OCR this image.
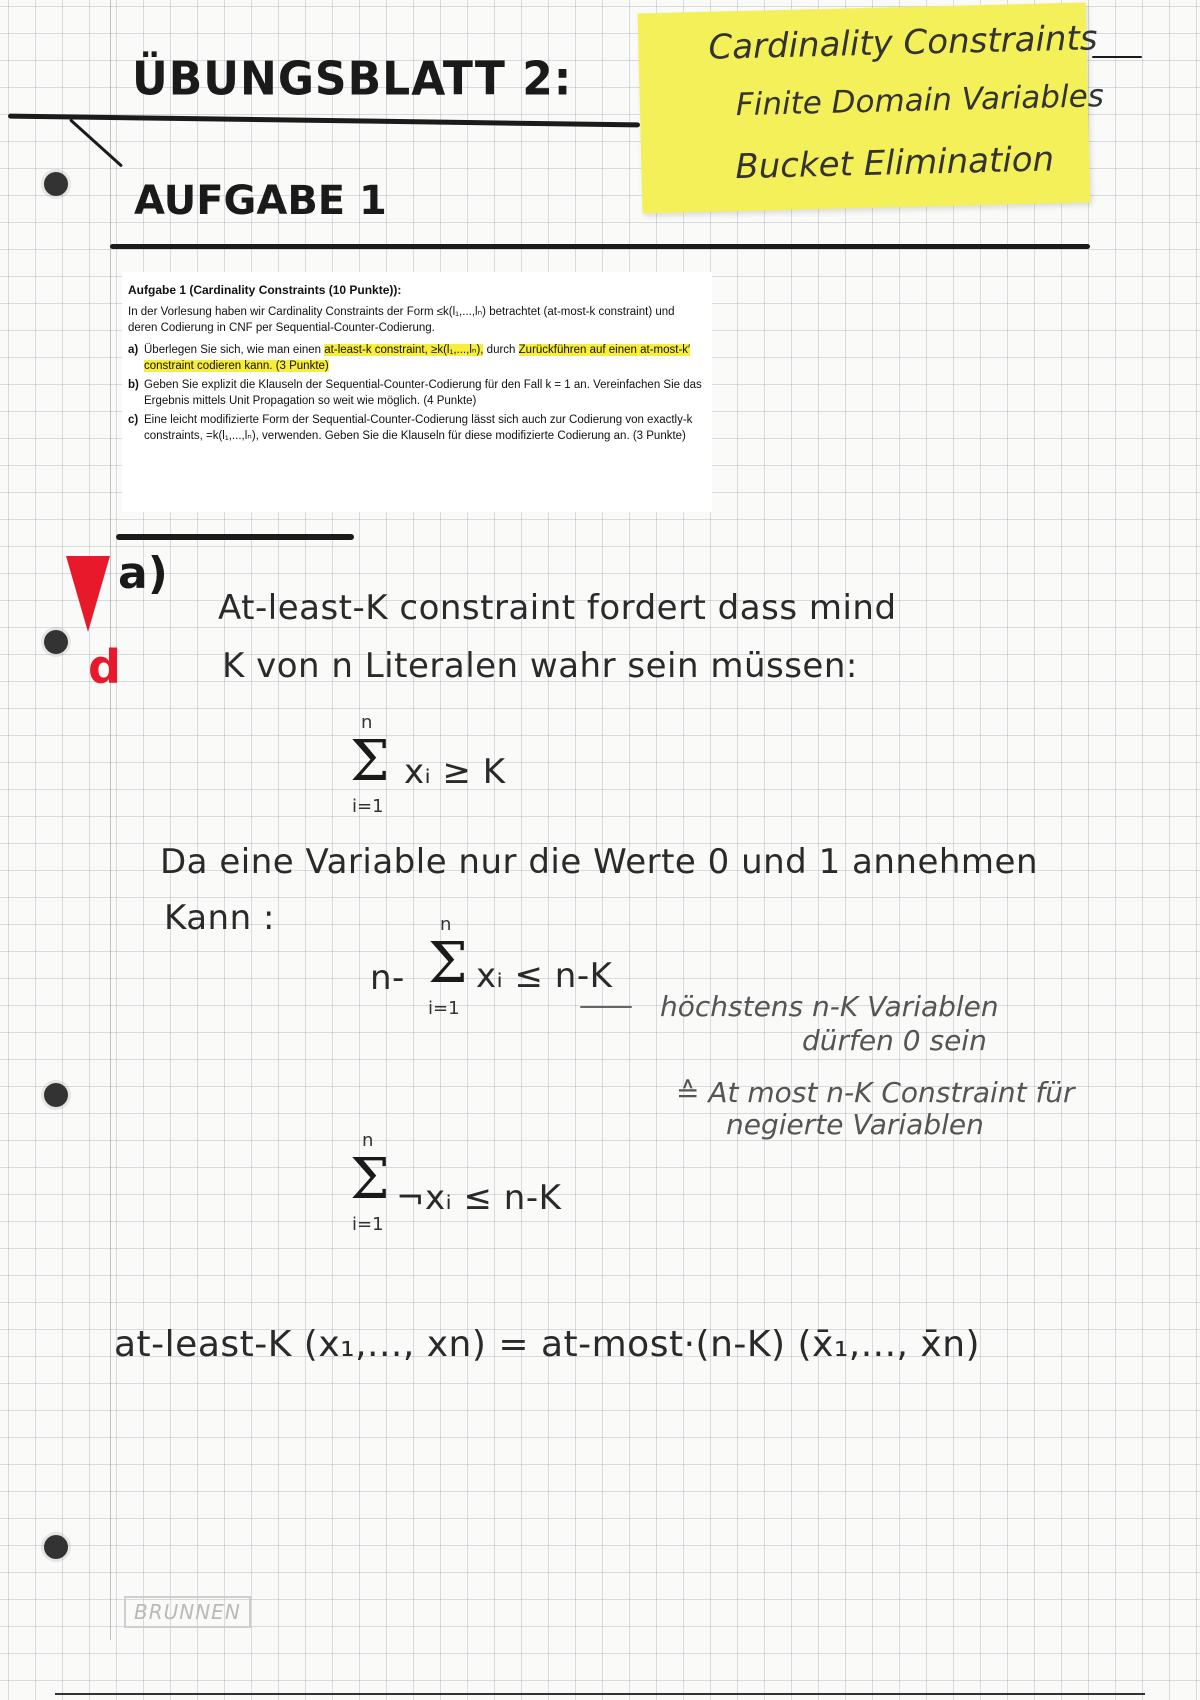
ÜBUNGSBLATT 2:
Cardinality Constraints
Finite Domain Variables
Bucket Elimination
AUFGABE 1
Aufgabe 1 (Cardinality Constraints (10 Punkte)):
In der Vorlesung haben wir Cardinality Constraints der Form ≤k(l₁,...,lₙ) betrachtet (at-most-k constraint) und deren Codierung in CNF per Sequential-Counter-Codierung.
a) Überlegen Sie sich, wie man einen at-least-k constraint, ≥k(l₁,...,lₙ), durch Zurückführen auf einen at-most-k′ constraint codieren kann. (3 Punkte)
b) Geben Sie explizit die Klauseln der Sequential-Counter-Codierung für den Fall k = 1 an. Vereinfachen Sie das Ergebnis mittels Unit Propagation so weit wie möglich. (4 Punkte)
c) Eine leicht modifizierte Form der Sequential-Counter-Codierung lässt sich auch zur Codierung von exactly-k constraints, =k(l₁,...,lₙ), verwenden. Geben Sie die Klauseln für diese modifizierte Codierung an. (3 Punkte)
d
a)
At-least-K constraint fordert dass mind
K von n Literalen wahr sein müssen:
n
Σ
i=1
xᵢ ≥ K
Da eine Variable nur die Werte 0 und 1 annehmen
Kann :
n-
n
Σ
i=1
xᵢ ≤ n-K
höchstens n-K Variablen
dürfen 0 sein
≙ At most n-K Constraint für
negierte Variablen
n
Σ
i=1
¬xᵢ ≤ n-K
at-least-K (x₁,..., xn) = at-most·(n-K) (x̄₁,..., x̄n)
BRUNNEN
